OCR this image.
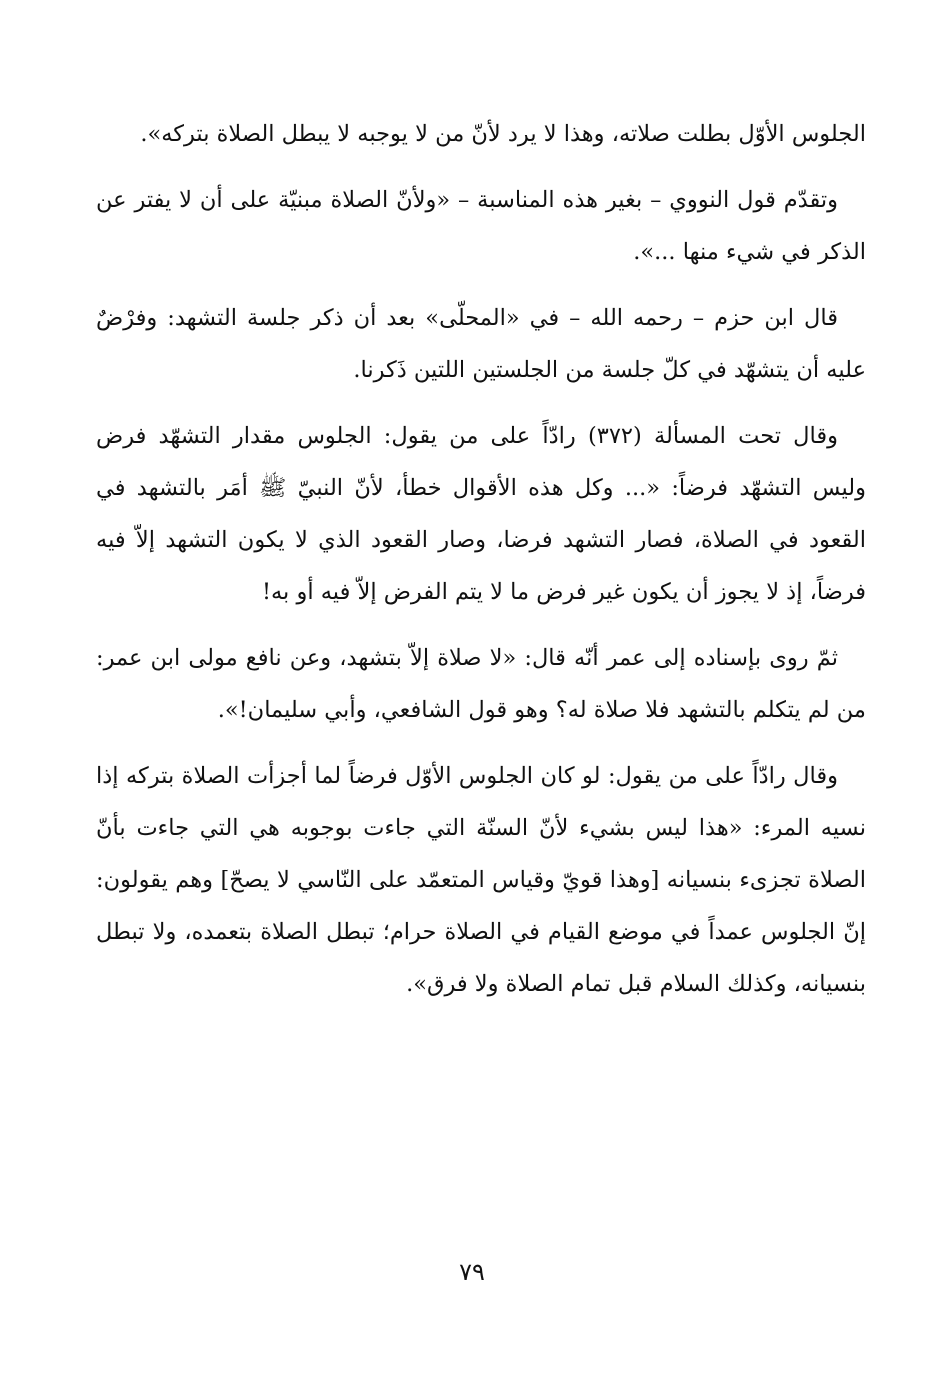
الجلوس الأوّل بطلت صلاته، وهذا لا يرد لأنّ من لا يوجبه لا يبطل الصلاة بتركه».

وتقدّم قول النووي – بغير هذه المناسبة – «ولأنّ الصلاة مبنيّة على أن لا يفتر عن الذكر في شيء منها ...».

قال ابن حزم – رحمه الله – في «المحلّى» بعد أن ذكر جلسة التشهد: وفرْضٌ عليه أن يتشهّد في كلّ جلسة من الجلستين اللتين ذَكرنا.

وقال تحت المسألة (٣٧٢) رادّاً على من يقول: الجلوس مقدار التشهّد فرض وليس التشهّد فرضاً: «... وكل هذه الأقوال خطأ، لأنّ النبيّ ﷺ أمَر بالتشهد في القعود في الصلاة، فصار التشهد فرضا، وصار القعود الذي لا يكون التشهد إلاّ فيه فرضاً، إذ لا يجوز أن يكون غير فرض ما لا يتم الفرض إلاّ فيه أو به!

ثمّ روى بإسناده إلى عمر أنّه قال: «لا صلاة إلاّ بتشهد، وعن نافع مولى ابن عمر: من لم يتكلم بالتشهد فلا صلاة له؟ وهو قول الشافعي، وأبي سليمان!».

وقال رادّاً على من يقول: لو كان الجلوس الأوّل فرضاً لما أجزأت الصلاة بتركه إذا نسيه المرء: «هذا ليس بشيء لأنّ السنّة التي جاءت بوجوبه هي التي جاءت بأنّ الصلاة تجزىء بنسيانه [وهذا قويّ وقياس المتعمّد على النّاسي لا يصحّ] وهم يقولون: إنّ الجلوس عمداً في موضع القيام في الصلاة حرام؛ تبطل الصلاة بتعمده، ولا تبطل بنسيانه، وكذلك السلام قبل تمام الصلاة ولا فرق».

٧٩
